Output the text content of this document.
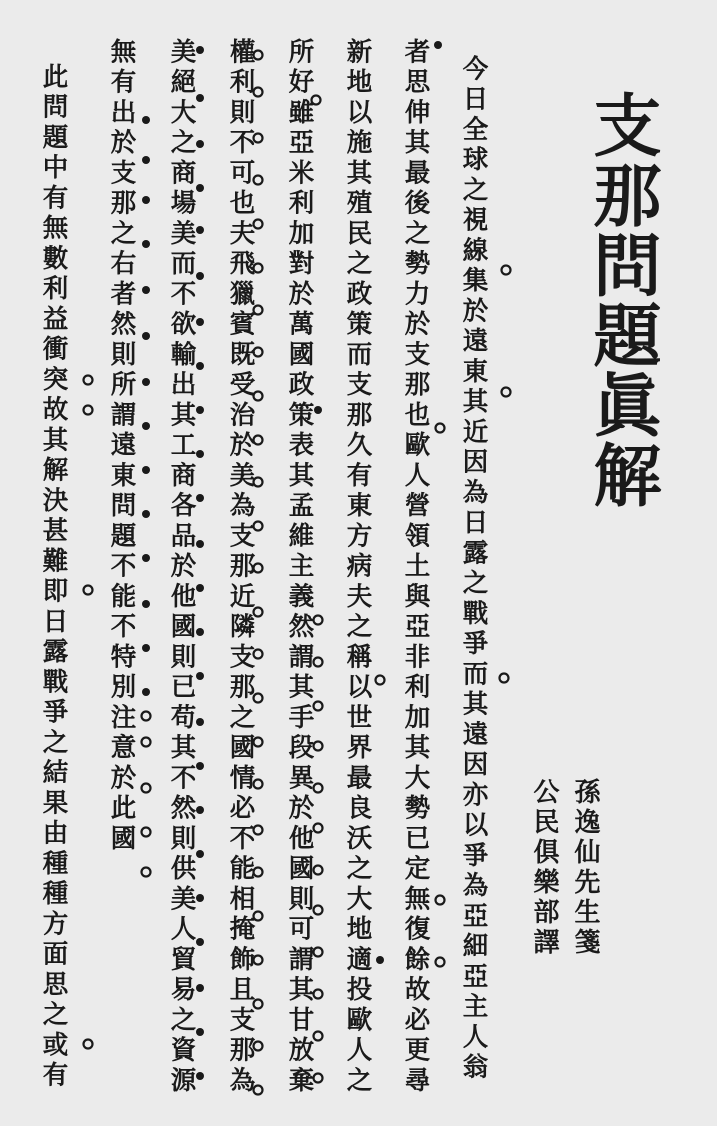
支那問題眞解
孫逸仙先生箋
公民俱樂部譯
今日全球之視線集於遠東其近因為日露之戰爭而其遠因亦以爭為亞細亞主人翁
者思伸其最後之勢力於支那也歐人營領土與亞非利加其大勢已定無復餘故必更尋
新地以施其殖民之政策而支那久有東方病夫之稱以世界最良沃之大地適投歐人之
所好雖亞米利加對於萬國政策表其孟維主義然謂其手段異於他國則可謂其甘放棄
權利則不可也夫飛獵賓既受治於美為支那近隣支那之國情必不能相掩飾且支那為
美絕大之商場美而不欲輸出其工商各品於他國則已苟其不然則供美人貿易之資源
無有出於支那之右者然則所謂遠東問題不能不特別注意於此國
此問題中有無數利益衝突故其解決甚難即日露戰爭之結果由種種方面思之或有
